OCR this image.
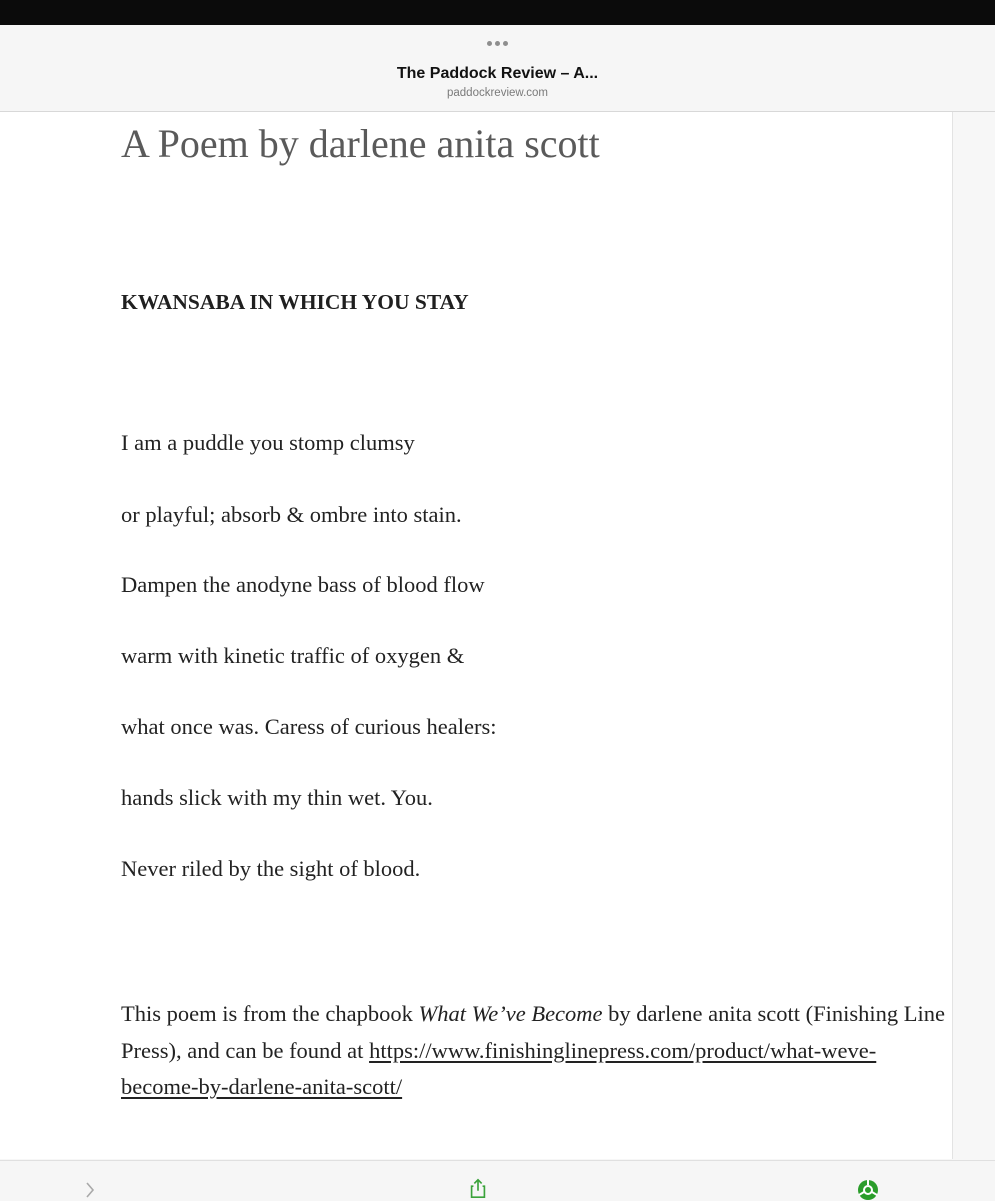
The Paddock Review – A...
paddockreview.com
A Poem by darlene anita scott
KWANSABA IN WHICH YOU STAY

I am a puddle you stomp clumsy

or playful; absorb & ombre into stain.

Dampen the anodyne bass of blood flow

warm with kinetic traffic of oxygen &

what once was. Caress of curious healers:

hands slick with my thin wet. You.

Never riled by the sight of blood.

This poem is from the chapbook What We’ve Become by darlene anita scott (Finishing Line Press), and can be found at https://www.finishinglinepress.com/product/what-weve-become-by-darlene-anita-scott/
